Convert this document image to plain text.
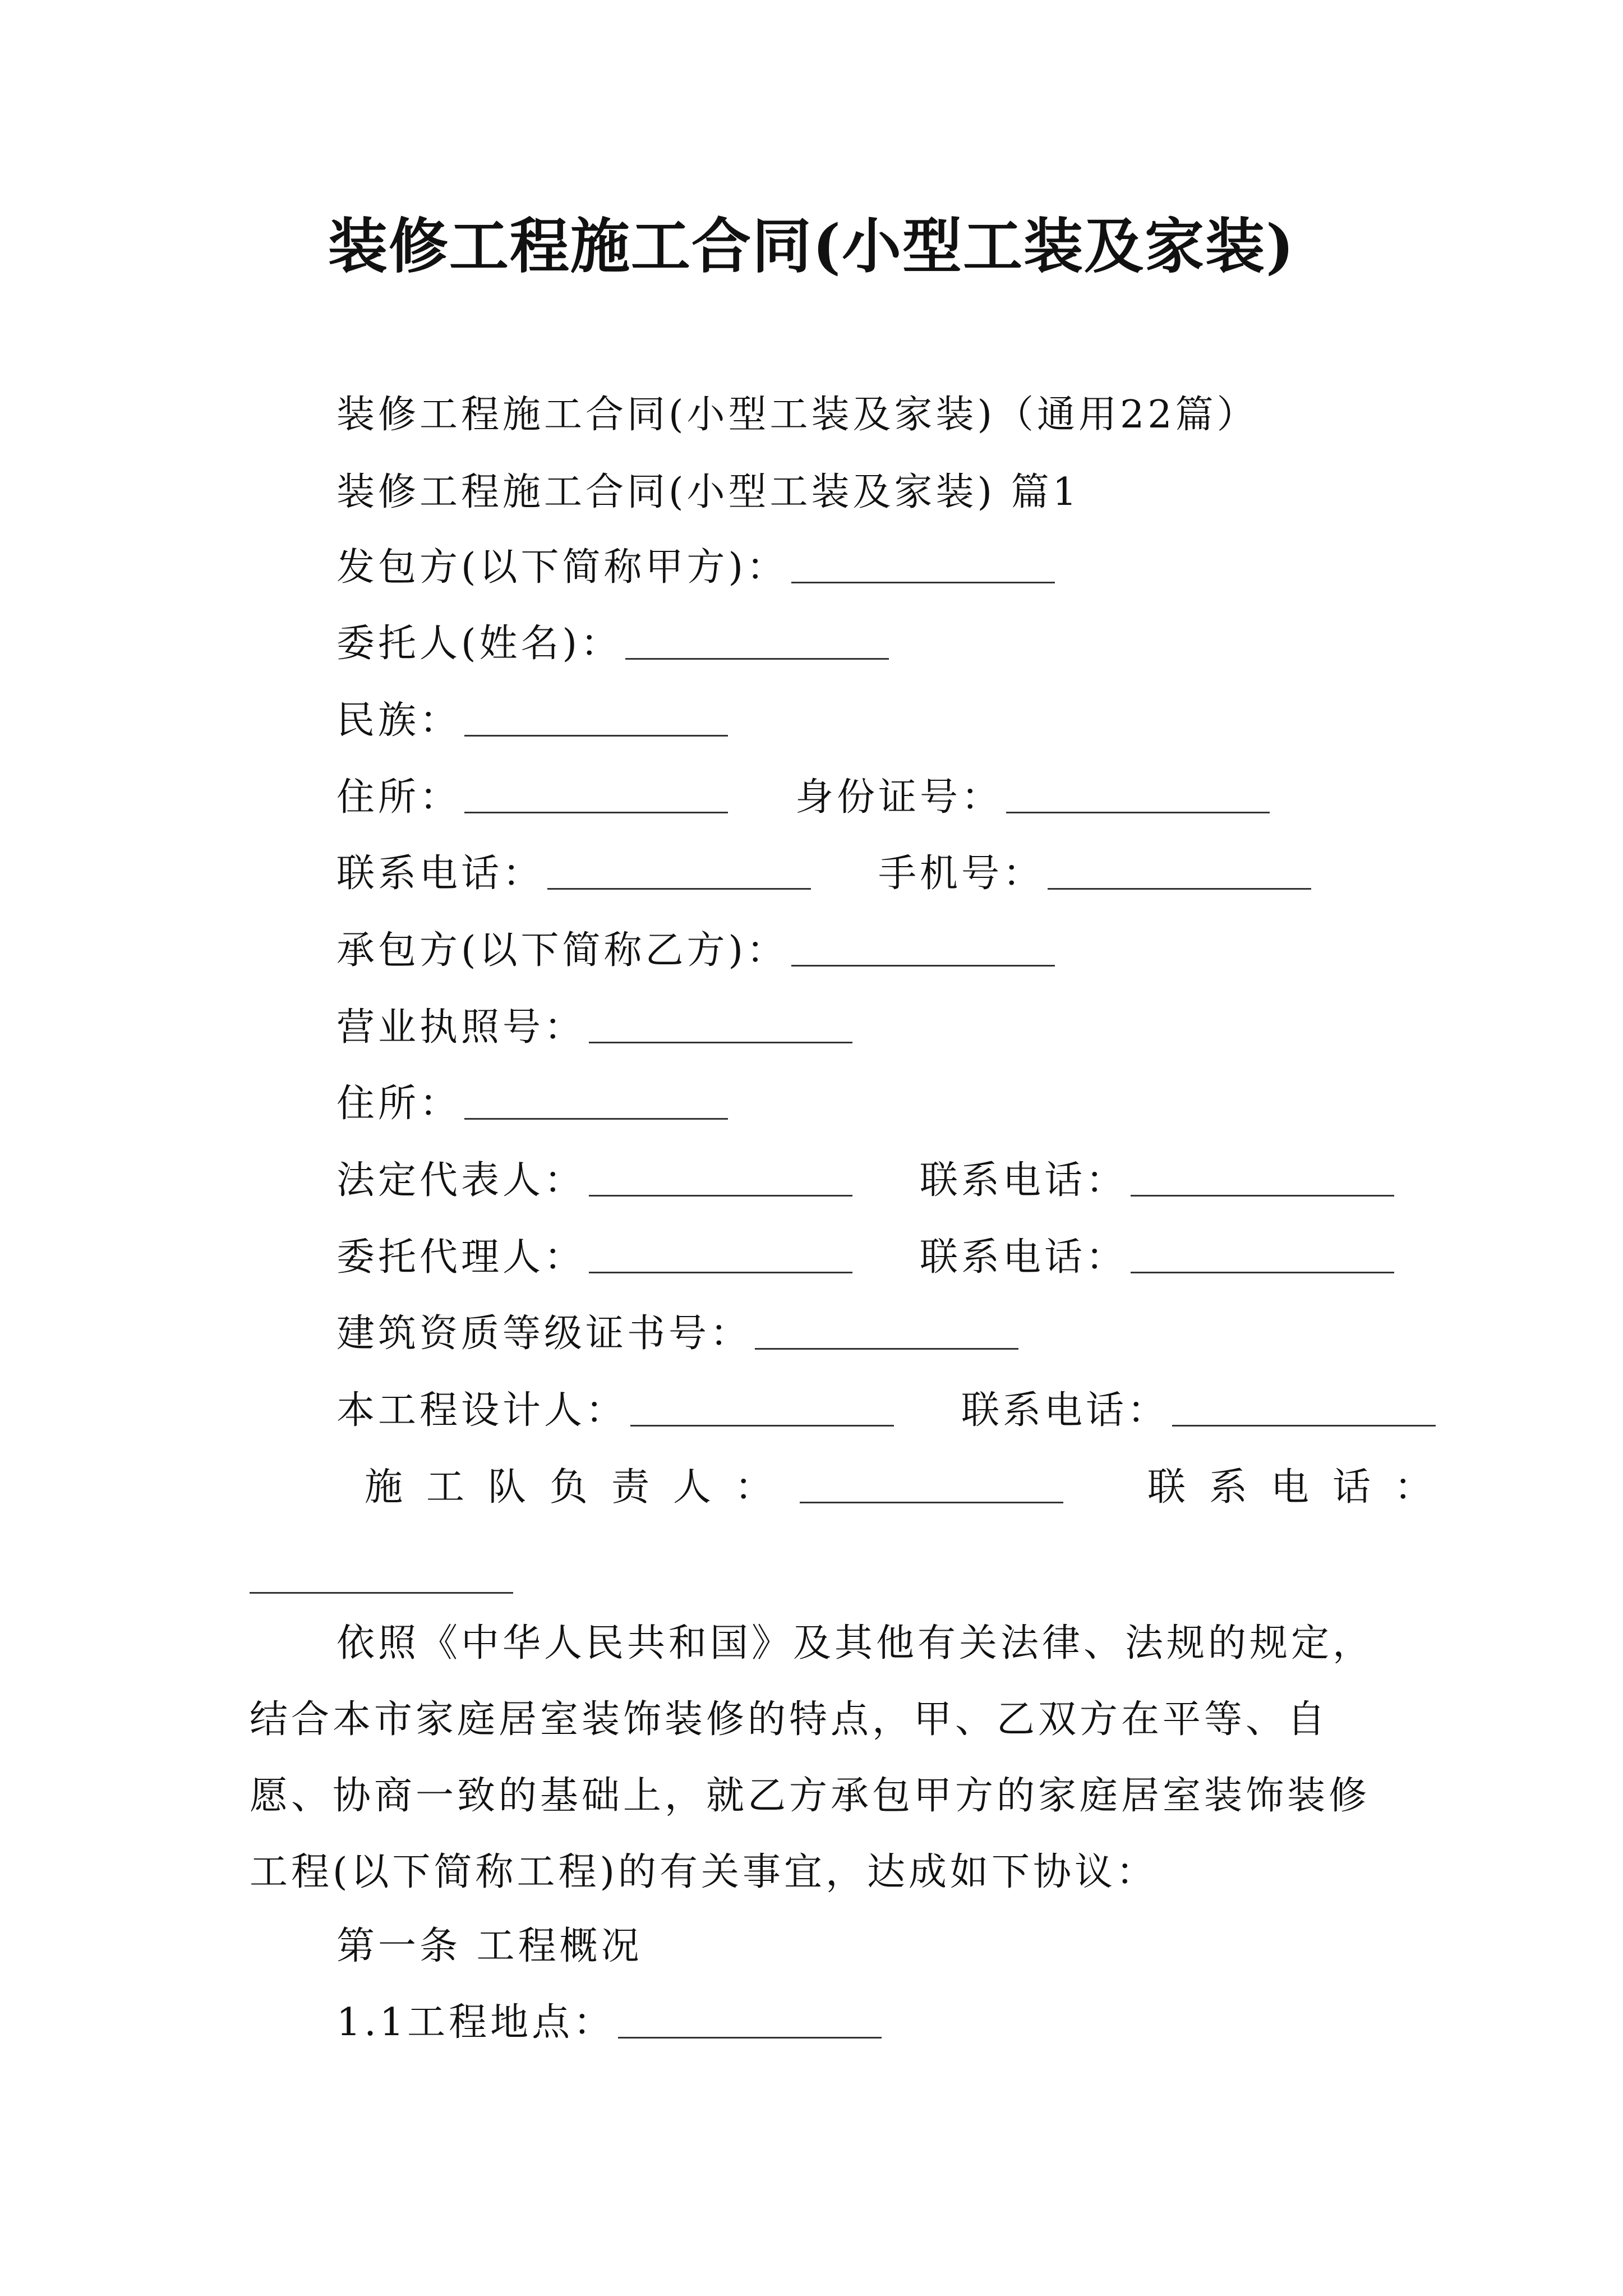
装修工程施工合同(小型工装及家装)
装修工程施工合同(小型工装及家装)（通用22篇）
装修工程施工合同(小型工装及家装) 篇1
发包方(以下简称甲方)：
委托人(姓名)：
民族：
住所：	身份证号：
联系电话：	手机号：
承包方(以下简称乙方)：
营业执照号：
住所：
法定代表人：	联系电话：
委托代理人：	联系电话：
建筑资质等级证书号：
本工程设计人：	联系电话：
施工队负责人：	联系电话：
依照《中华人民共和国》及其他有关法律、法规的规定，结合本市家庭居室装饰装修的特点，甲、乙双方在平等、自愿、协商一致的基础上，就乙方承包甲方的家庭居室装饰装修工程(以下简称工程)的有关事宜，达成如下协议：
第一条 工程概况
1.1工程地点：
